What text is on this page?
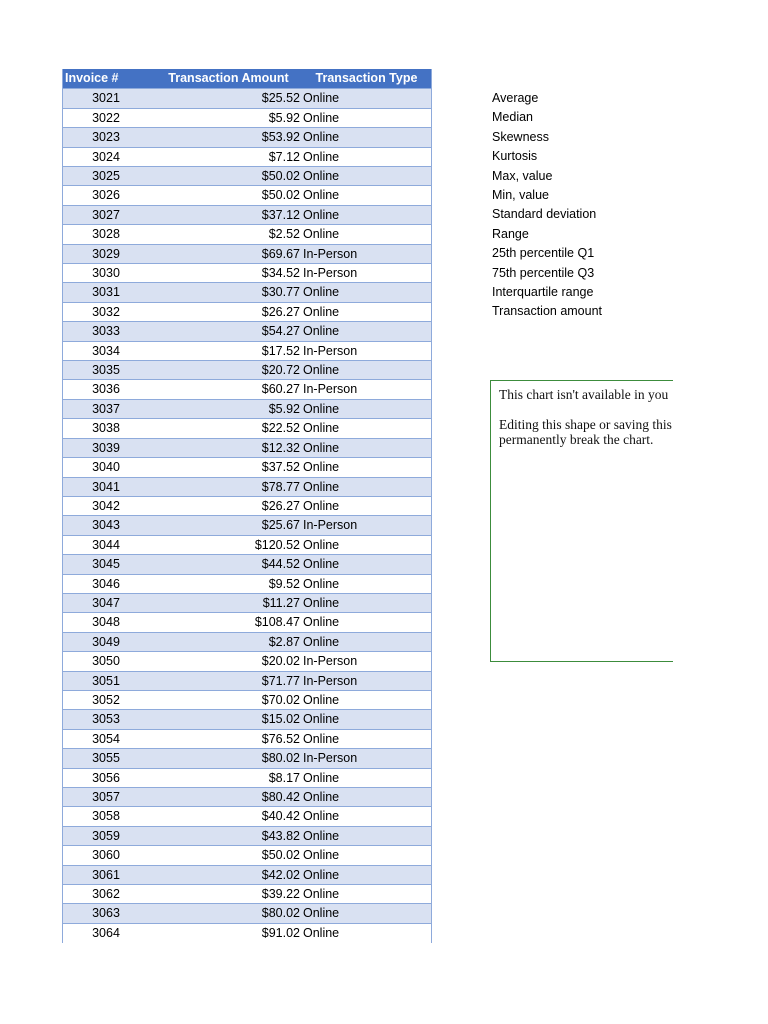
Invoice #	Transaction Amount	Transaction Type
3021	$25.52	Online
3022	$5.92	Online
3023	$53.92	Online
3024	$7.12	Online
3025	$50.02	Online
3026	$50.02	Online
3027	$37.12	Online
3028	$2.52	Online
3029	$69.67	In-Person
3030	$34.52	In-Person
3031	$30.77	Online
3032	$26.27	Online
3033	$54.27	Online
3034	$17.52	In-Person
3035	$20.72	Online
3036	$60.27	In-Person
3037	$5.92	Online
3038	$22.52	Online
3039	$12.32	Online
3040	$37.52	Online
3041	$78.77	Online
3042	$26.27	Online
3043	$25.67	In-Person
3044	$120.52	Online
3045	$44.52	Online
3046	$9.52	Online
3047	$11.27	Online
3048	$108.47	Online
3049	$2.87	Online
3050	$20.02	In-Person
3051	$71.77	In-Person
3052	$70.02	Online
3053	$15.02	Online
3054	$76.52	Online
3055	$80.02	In-Person
3056	$8.17	Online
3057	$80.42	Online
3058	$40.42	Online
3059	$43.82	Online
3060	$50.02	Online
3061	$42.02	Online
3062	$39.22	Online
3063	$80.02	Online
3064	$91.02	Online
Average
Median
Skewness
Kurtosis
Max, value
Min, value
Standard deviation
Range
25th percentile Q1
75th percentile Q3
Interquartile range
Transaction amount

This chart isn't available in you

Editing this shape or saving this
permanently break the chart.
